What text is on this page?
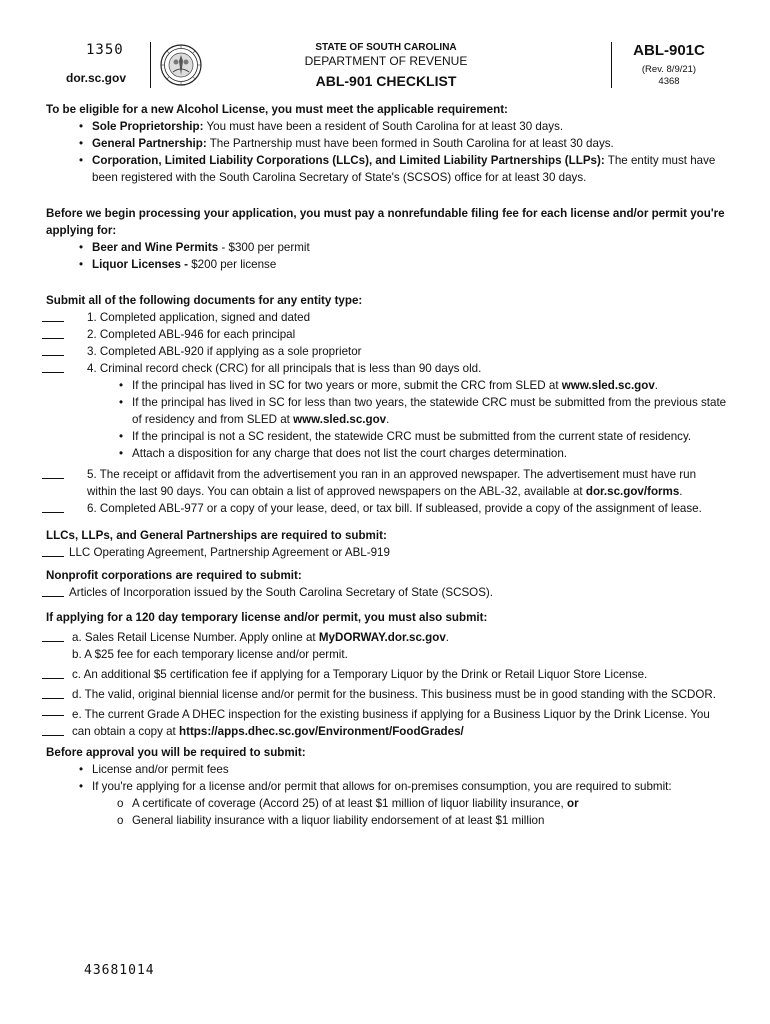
1350
dor.sc.gov
STATE OF SOUTH CAROLINA
DEPARTMENT OF REVENUE
ABL-901 CHECKLIST
ABL-901C
(Rev. 8/9/21)
4368
To be eligible for a new Alcohol License, you must meet the applicable requirement:
• Sole Proprietorship: You must have been a resident of South Carolina for at least 30 days.
• General Partnership: The Partnership must have been formed in South Carolina for at least 30 days.
• Corporation, Limited Liability Corporations (LLCs), and Limited Liability Partnerships (LLPs): The entity must have been registered with the South Carolina Secretary of State's (SCSOS) office for at least 30 days.
Before we begin processing your application, you must pay a nonrefundable filing fee for each license and/or permit you're applying for:
• Beer and Wine Permits - $300 per permit
• Liquor Licenses - $200 per license
Submit all of the following documents for any entity type:
1. Completed application, signed and dated
2. Completed ABL-946 for each principal
3. Completed ABL-920 if applying as a sole proprietor
4. Criminal record check (CRC) for all principals that is less than 90 days old.
• If the principal has lived in SC for two years or more, submit the CRC from SLED at www.sled.sc.gov.
• If the principal has lived in SC for less than two years, the statewide CRC must be submitted from the previous state of residency and from SLED at www.sled.sc.gov.
• If the principal is not a SC resident, the statewide CRC must be submitted from the current state of residency.
• Attach a disposition for any charge that does not list the court charges determination.
5. The receipt or affidavit from the advertisement you ran in an approved newspaper. The advertisement must have run within the last 90 days. You can obtain a list of approved newspapers on the ABL-32, available at dor.sc.gov/forms.
6. Completed ABL-977 or a copy of your lease, deed, or tax bill. If subleased, provide a copy of the assignment of lease.
LLCs, LLPs, and General Partnerships are required to submit:
LLC Operating Agreement, Partnership Agreement or ABL-919
Nonprofit corporations are required to submit:
Articles of Incorporation issued by the South Carolina Secretary of State (SCSOS).
If applying for a 120 day temporary license and/or permit, you must also submit:
a. Sales Retail License Number. Apply online at MyDORWAY.dor.sc.gov.
b. A $25 fee for each temporary license and/or permit.
c. An additional $5 certification fee if applying for a Temporary Liquor by the Drink or Retail Liquor Store License.
d. The valid, original biennial license and/or permit for the business. This business must be in good standing with the SCDOR.
e. The current Grade A DHEC inspection for the existing business if applying for a Business Liquor by the Drink License. You can obtain a copy at https://apps.dhec.sc.gov/Environment/FoodGrades/
Before approval you will be required to submit:
• License and/or permit fees
• If you're applying for a license and/or permit that allows for on-premises consumption, you are required to submit:
o A certificate of coverage (Accord 25) of at least $1 million of liquor liability insurance, or
o General liability insurance with a liquor liability endorsement of at least $1 million
43681014
